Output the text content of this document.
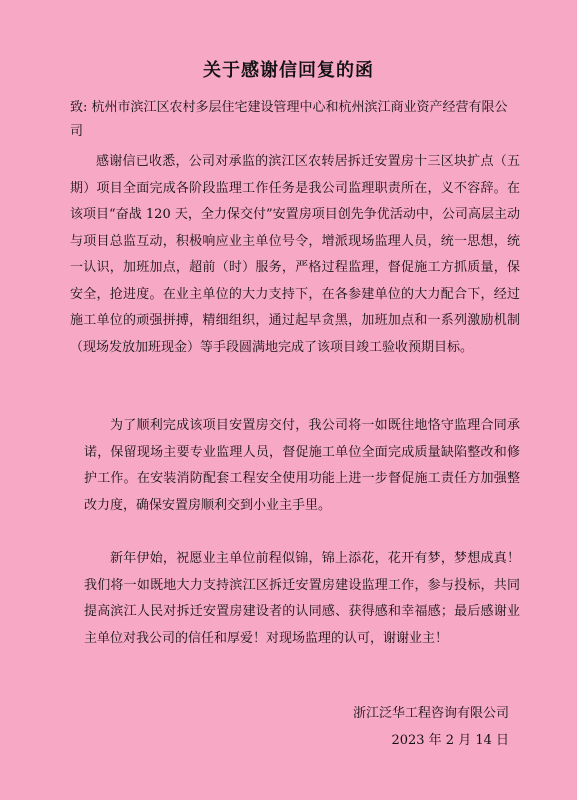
关于感谢信回复的函
致: 杭州市滨江区农村多层住宅建设管理中心和杭州滨江商业资产经营有限公司
感谢信已收悉，公司对承监的滨江区农转居拆迁安置房十三区块扩点（五期）项目全面完成各阶段监理工作任务是我公司监理职责所在，义不容辞。在该项目“奋战 120 天，全力保交付”安置房项目创先争优活动中，公司高层主动与项目总监互动，积极响应业主单位号令，增派现场监理人员，统一思想，统一认识，加班加点，超前（时）服务，严格过程监理，督促施工方抓质量，保安全，抢进度。在业主单位的大力支持下，在各参建单位的大力配合下，经过施工单位的顽强拼搏，精细组织，通过起早贪黑，加班加点和一系列激励机制（现场发放加班现金）等手段圆满地完成了该项目竣工验收预期目标。
为了顺利完成该项目安置房交付，我公司将一如既往地恪守监理合同承诺，保留现场主要专业监理人员，督促施工单位全面完成质量缺陷整改和修护工作。在安装消防配套工程安全使用功能上进一步督促施工责任方加强整改力度，确保安置房顺利交到小业主手里。
新年伊始，祝愿业主单位前程似锦，锦上添花，花开有梦，梦想成真！我们将一如既地大力支持滨江区拆迁安置房建设监理工作，参与投标，共同提高滨江人民对拆迁安置房建设者的认同感、获得感和幸福感；最后感谢业主单位对我公司的信任和厚爱！对现场监理的认可，谢谢业主！
浙江泛华工程咨询有限公司
2023 年 2 月 14 日
